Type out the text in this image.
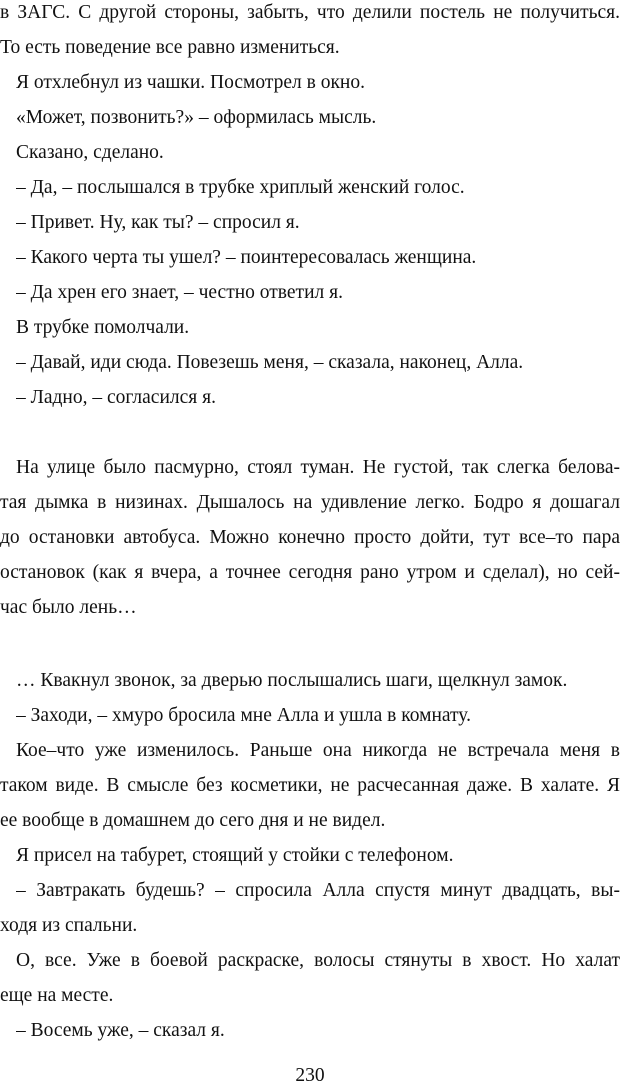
в ЗАГС. С другой стороны, забыть, что делили постель не получиться.
То есть поведение все равно измениться.
Я отхлебнул из чашки. Посмотрел в окно.
«Может, позвонить?» – оформилась мысль.
Сказано, сделано.
– Да, – послышался в трубке хриплый женский голос.
– Привет. Ну, как ты? – спросил я.
– Какого черта ты ушел? – поинтересовалась женщина.
– Да хрен его знает, – честно ответил я.
В трубке помолчали.
– Давай, иди сюда. Повезешь меня, – сказала, наконец, Алла.
– Ладно, – согласился я.
На улице было пасмурно, стоял туман. Не густой, так слегка белова-
тая дымка в низинах. Дышалось на удивление легко. Бодро я дошагал
до остановки автобуса. Можно конечно просто дойти, тут все–то пара
остановок (как я вчера, а точнее сегодня рано утром и сделал), но сей-
час было лень…
… Квакнул звонок, за дверью послышались шаги, щелкнул замок.
– Заходи, – хмуро бросила мне Алла и ушла в комнату.
Кое–что уже изменилось. Раньше она никогда не встречала меня в
таком виде. В смысле без косметики, не расчесанная даже. В халате. Я
ее вообще в домашнем до сего дня и не видел.
Я присел на табурет, стоящий у стойки с телефоном.
– Завтракать будешь? – спросила Алла спустя минут двадцать, вы-
ходя из спальни.
О, все. Уже в боевой раскраске, волосы стянуты в хвост. Но халат
еще на месте.
– Восемь уже, – сказал я.
230
